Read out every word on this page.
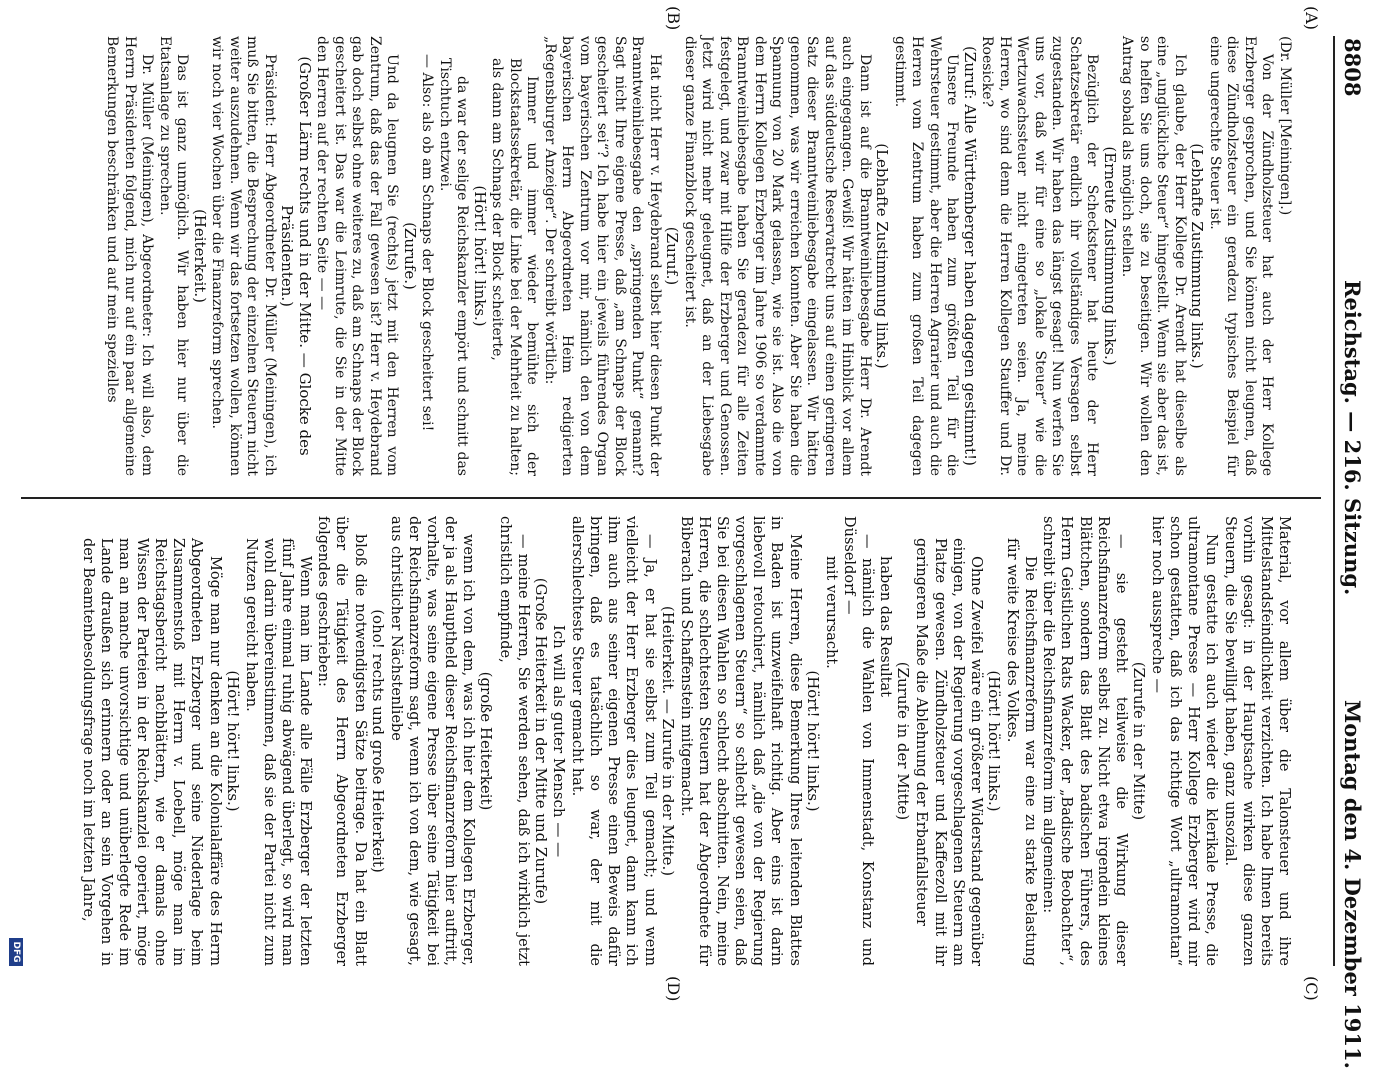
8808
Reichstag. — 216. Sitzung.
Montag den 4. Dezember 1911.
(A)
(B)
(C)
(D)

(Dr. Müller [Meiningen].)

Von der Zündholzsteuer hat auch der Herr Kollege Erzberger gesprochen, und Sie können nicht leugnen, daß diese Zündholzsteuer ein geradezu typisches Beispiel für eine ungerechte Steuer ist.

(Lebhafte Zustimmung links.)

Ich glaube, der Herr Kollege Dr. Arendt hat dieselbe als eine „unglückliche Steuer“ hingestellt. Wenn sie aber das ist, so helfen Sie uns doch, sie zu beseitigen. Wir wollen den Antrag sobald als möglich stellen.

(Erneute Zustimmung links.)

Bezüglich der Scheckstener hat heute der Herr Schatzsekretär endlich ihr vollständiges Versagen selbst zugestanden. Wir haben das längst gesagt! Nun werfen Sie uns vor, daß wir für eine so „lokale Steuer“ wie die Wertzuwachssteuer nicht eingetreten seien. Ja, meine Herren, wo sind denn die Herren Kollegen Stauffer und Dr. Roesicke?

(Zuruf: Alle Württemberger haben dagegen gestimmt!)

Unsere Freunde haben zum größten Teil für die Wehrsteuer gestimmt, aber die Herren Agrarier und auch die Herren vom Zentrum haben zum großen Teil dagegen gestimmt.

(Lebhafte Zustimmung links.)

Dann ist auf die Branntweinliebesgabe Herr Dr. Arendt auch eingegangen. Gewiß! Wir hätten im Hinblick vor allem auf das süddeutsche Reservatrecht uns auf einen geringeren Satz dieser Branntweinliebesgabe eingelassen. Wir hätten genommen, was wir erreichen konnten. Aber Sie haben die Spannung von 20 Mark gelassen, wie sie ist. Also die von dem Herrn Kollegen Erzberger im Jahre 1906 so verdammte Branntweinliebesgabe haben Sie geradezu für alle Zeiten festgelegt, und zwar mit Hilfe der Erzberger und Genossen. Jetzt wird nicht mehr geleugnet, daß an der Liebesgabe dieser ganze Finanzblock gescheitert ist.

(Zuruf.)

Hat nicht Herr v. Heydebrand selbst hier diesen Punkt der Branntweinliebesgabe den „springenden Punkt“ genannt? Sagt nicht Ihre eigene Presse, daß „am Schnaps der Block gescheitert sei“? Ich habe hier ein jeweils führendes Organ vom bayerischen Zentrum vor mir, nämlich den von dem bayerischen Herrn Abgeordneten Heim redigierten „Regensburger Anzeiger“. Der schreibt wörtlich:

Immer und immer wieder bemühte sich der Blockstaatssekretär, die Linke bei der Mehrheit zu halten; als dann am Schnaps der Block scheiterte,

(Hört! hört! links.)

da war der selige Reichskanzler empört und schnitt das Tischtuch entzwei.

— Also: als ob am Schnaps der Block gescheitert sei!

(Zurufe.)

Und da leugnen Sie (rechts) jetzt mit den Herren vom Zentrum, daß das der Fall gewesen ist? Herr v. Heydebrand gab doch selbst ohne weiteres zu, daß am Schnaps der Block gescheitert ist. Das war die Leimrute, die Sie in der Mitte den Herren auf der rechten Seite — —

(Großer Lärm rechts und in der Mitte. — Glocke des Präsidenten.)

Präsident: Herr Abgeordneter Dr. Müller (Meiningen), ich muß Sie bitten, die Besprechung der einzelnen Steuern nicht weiter auszudehnen. Wenn wir das fortsetzen wollen, können wir noch vier Wochen über die Finanzreform sprechen.

(Heiterkeit.)

Das ist ganz unmöglich. Wir haben hier nur über die Etatsanlage zu sprechen.

Dr. Müller (Meiningen), Abgeordneter: Ich will also, dem Herrn Präsidenten folgend, mich nur auf ein paar allgemeine Bemerkungen beschränken und auf mein spezielles

Material, vor allem über die Talonsteuer und ihre Mittelstandsfeindlichkeit verzichten. Ich habe Ihnen bereits vorhin gesagt: in der Hauptsache wirken diese ganzen Steuern, die Sie bewilligt haben, ganz unsozial.

Nun gestatte ich auch wieder die klerikale Presse, die ultramontane Presse — Herr Kollege Erzberger wird mir schon gestatten, daß ich das richtige Wort „ultramontan“ hier noch ausspreche —

(Zurufe in der Mitte)

— sie gesteht teilweise die Wirkung dieser Reichsfinanzreform selbst zu. Nicht etwa irgendein kleines Blättchen, sondern das Blatt des badischen Führers, des Herrn Geistlichen Rats Wacker, der „Badische Beobachter“, schreibt über die Reichsfinanzreform im allgemeinen:

Die Reichsfinanzreform war eine zu starke Belastung für weite Kreise des Volkes.

(Hört! hört! links.)

Ohne Zweifel wäre ein größerer Widerstand gegenüber einigen, von der Regierung vorgeschlagenen Steuern am Platze gewesen. Zündholzsteuer und Kaffeezoll mit ihr geringeren Maße die Ablehnung der Erbanfallsteuer

(Zurufe in der Mitte)

haben das Resultat

— nämlich die Wahlen von Immenstadt, Konstanz und Düsseldorf —

mit verursacht.

(Hört! hört! links.)

Meine Herren, diese Bemerkung Ihres leitenden Blattes in Baden ist unzweifelhaft richtig. Aber eins ist darin liebevoll retouchiert, nämlich daß „die von der Regierung vorgeschlagenen Steuern“ so schlecht gewesen seien, daß Sie bei diesen Wahlen so schlecht abschnitten. Nein, meine Herren, die schlechtesten Steuern hat der Abgeordnete für Biberach und Schaffenstein mitgemacht.

(Heiterkeit. — Zurufe in der Mitte.)

— Ja, er hat sie selbst zum Teil gemacht; und wenn vielleicht der Herr Erzberger dies leugnet, dann kann ich ihm auch aus seiner eigenen Presse einen Beweis dafür bringen, daß es tatsächlich so war, der mit die allerschlechteste Steuer gemacht hat.

Ich will als guter Mensch — —

(Große Heiterkeit in der Mitte und Zurufe)

— meine Herren, Sie werden sehen, daß ich wirklich jetzt christlich empfinde,

(große Heiterkeit)

wenn ich von dem, was ich hier dem Kollegen Erzberger, der ja als Hauptheld dieser Reichsfinanzreform hier auftritt, vorhalte, was seine eigene Presse über seine Tätigkeit bei der Reichsfinanzreform sagt, wenn ich von dem, wie gesagt, aus christlicher Nächstenliebe

(oho! rechts und große Heiterkeit)

bloß die notwendigsten Sätze beitrage. Da hat ein Blatt über die Tätigkeit des Herrn Abgeordneten Erzberger folgendes geschrieben:

Wenn man im Lande alle Fälle Erzberger der letzten fünf Jahre einmal ruhig abwägend überlegt, so wird man wohl darin übereinstimmen, daß sie der Partei nicht zum Nutzen gereicht haben.

(Hört! hört! links.)

Möge man nur denken an die Kolonialaffäre des Herrn Abgeordneten Erzberger und seine Niederlage beim Zusammenstoß mit Herrn v. Loebell, möge man im Reichstagsbericht nachblättern, wie er damals ohne Wissen der Parteien in der Reichskanzlei operiert, möge man an manche unvorsichtige und unüberlegte Rede im Lande draußen sich erinnern oder an sein Vorgehen in der Beamtenbesoldungsfrage noch im letzten Jahre,

DFG
